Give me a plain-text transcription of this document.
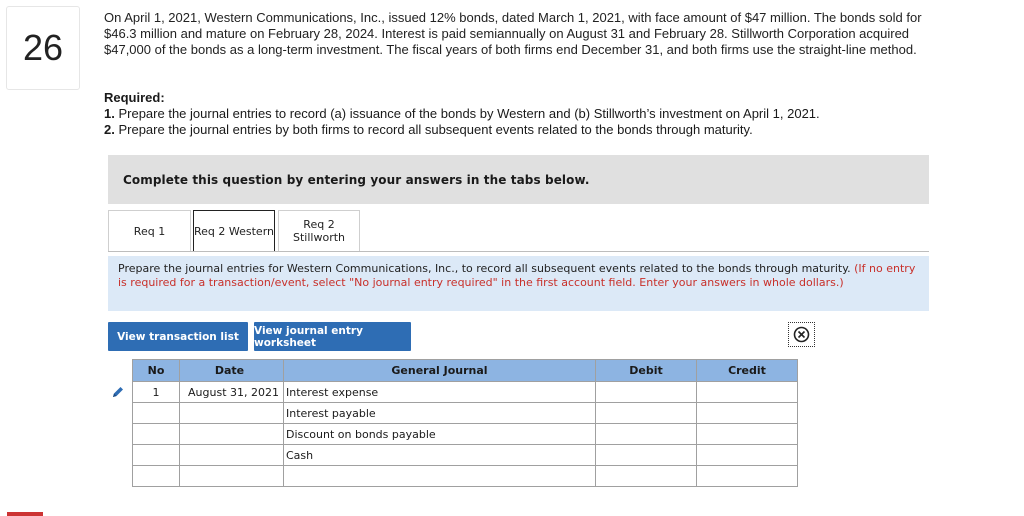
26
On April 1, 2021, Western Communications, Inc., issued 12% bonds, dated March 1, 2021, with face amount of $47 million. The bonds sold for $46.3 million and mature on February 28, 2024. Interest is paid semiannually on August 31 and February 28. Stillworth Corporation acquired $47,000 of the bonds as a long-term investment. The fiscal years of both firms end December 31, and both firms use the straight-line method.
Required:
1. Prepare the journal entries to record (a) issuance of the bonds by Western and (b) Stillworth’s investment on April 1, 2021.
2. Prepare the journal entries by both firms to record all subsequent events related to the bonds through maturity.
Complete this question by entering your answers in the tabs below.
Req 1	Req 2 Western	Req 2
Stillworth
Prepare the journal entries for Western Communications, Inc., to record all subsequent events related to the bonds through maturity. (If no entry is required for a transaction/event, select "No journal entry required" in the first account field. Enter your answers in whole dollars.)
View transaction list	View journal entry worksheet
No	Date	General Journal	Debit	Credit
1	August 31, 2021	Interest expense		
		Interest payable		
		Discount on bonds payable		
		Cash		
